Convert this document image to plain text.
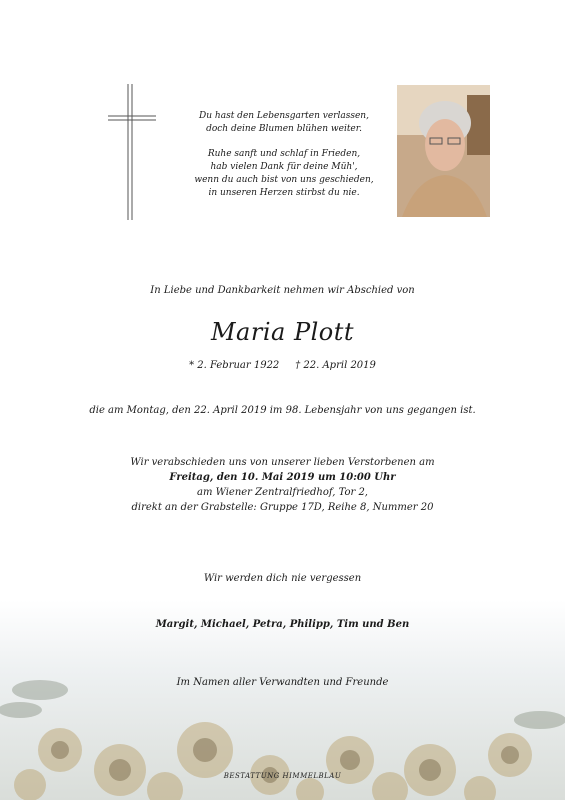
Du hast den Lebensgarten verlassen,
doch deine Blumen blühen weiter.

Ruhe sanft und schlaf in Frieden,
hab vielen Dank für deine Müh',
wenn du auch bist von uns geschieden,
in unseren Herzen stirbst du nie.

In Liebe und Dankbarkeit nehmen wir Abschied von
Maria Plott
* 2. Februar 1922 † 22. April 2019
die am Montag, den 22. April 2019 im 98. Lebensjahr von uns gegangen ist.
Wir verabschieden uns von unserer lieben Verstorbenen am
Freitag, den 10. Mai 2019 um 10:00 Uhr
am Wiener Zentralfriedhof, Tor 2,
direkt an der Grabstelle: Gruppe 17D, Reihe 8, Nummer 20
Wir werden dich nie vergessen
Margit, Michael, Petra, Philipp, Tim und Ben
Im Namen aller Verwandten und Freunde
BESTATTUNG HIMMELBLAU
